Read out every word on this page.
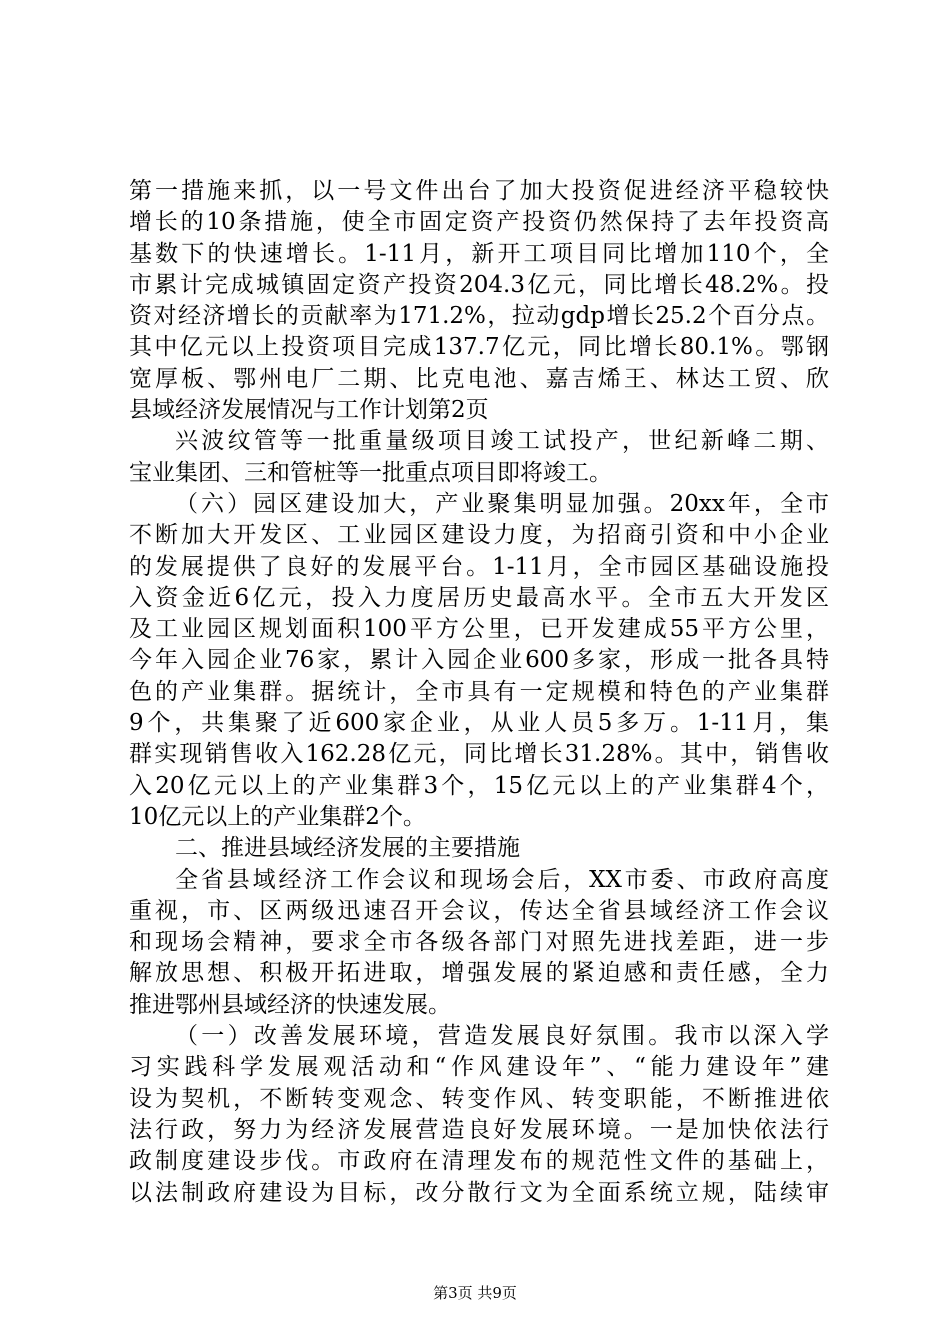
第一措施来抓，以一号文件出台了加大投资促进经济平稳较快
增长的10条措施，使全市固定资产投资仍然保持了去年投资高
基数下的快速增长。1-11月，新开工项目同比增加110个，全
市累计完成城镇固定资产投资204.3亿元，同比增长48.2%。投
资对经济增长的贡献率为171.2%，拉动gdp增长25.2个百分点。
其中亿元以上投资项目完成137.7亿元，同比增长80.1%。鄂钢
宽厚板、鄂州电厂二期、比克电池、嘉吉烯王、林达工贸、欣
县域经济发展情况与工作计划第2页
兴波纹管等一批重量级项目竣工试投产，世纪新峰二期、
宝业集团、三和管桩等一批重点项目即将竣工。
（六）园区建设加大，产业聚集明显加强。20xx年，全市
不断加大开发区、工业园区建设力度，为招商引资和中小企业
的发展提供了良好的发展平台。1-11月，全市园区基础设施投
入资金近6亿元，投入力度居历史最高水平。全市五大开发区
及工业园区规划面积100平方公里，已开发建成55平方公里，
今年入园企业76家，累计入园企业600多家，形成一批各具特
色的产业集群。据统计，全市具有一定规模和特色的产业集群
9个，共集聚了近600家企业，从业人员5多万。1-11月，集
群实现销售收入162.28亿元，同比增长31.28%。其中，销售收
入20亿元以上的产业集群3个，15亿元以上的产业集群4个，
10亿元以上的产业集群2个。
二、推进县域经济发展的主要措施
全省县域经济工作会议和现场会后，XX市委、市政府高度
重视，市、区两级迅速召开会议，传达全省县域经济工作会议
和现场会精神，要求全市各级各部门对照先进找差距，进一步
解放思想、积极开拓进取，增强发展的紧迫感和责任感，全力
推进鄂州县域经济的快速发展。
（一）改善发展环境，营造发展良好氛围。我市以深入学
习实践科学发展观活动和“作风建设年”、“能力建设年”建
设为契机，不断转变观念、转变作风、转变职能，不断推进依
法行政，努力为经济发展营造良好发展环境。一是加快依法行
政制度建设步伐。市政府在清理发布的规范性文件的基础上，
以法制政府建设为目标，改分散行文为全面系统立规，陆续审
第3页 共9页
